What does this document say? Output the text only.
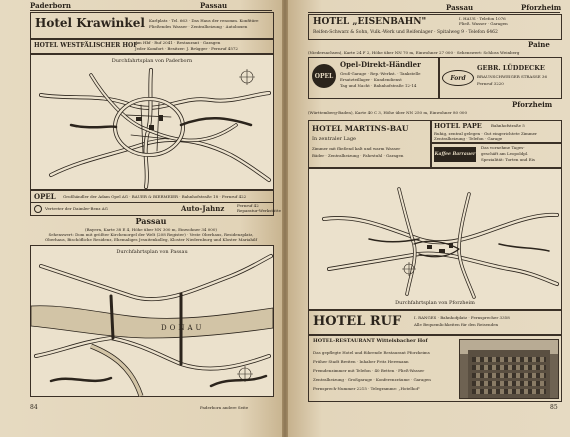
Paderborn	Passau
Hotel Krawinkel Karlplatz · Tel. 663 · Das Haus der renomm. Konfitüre
Fließendes Wasser · Zentralheizung · Autoboxen
HOTEL WESTFÄLISCHER HOF
Am Hbf · Ruf 2041 · Restaurant · Garagen
Jeder Komfort · Besitzer: J. Brügger · Fernruf 4572
Durchfahrtsplan von Paderborn
OPEL Großhändler der Adam Opel AG · BAUER & BIERMEIER · Bahnhofstraße 18 · Fernruf 422
Vertreter der Daimler-Benz AG	Auto-Jahnz	Fernruf 42
Reparatur-Werkstätte
Passau
(Bayern, Karte 38 E 4, Höhe über NN 300 m, Einwohner 34 000)
Sehenswert: Dom mit größter Kirchenorgel der Welt (208 Register) · Veste Oberhaus, Residenzplatz,
Oberhaus, Bischöfliche Residenz, Ehemaliges Jesuitenkolleg, Kloster Niedernburg und Kloster Mariahilf
Durchfahrtsplan von Passau
DONAU
84	Paderborn andere Seite
Passau	Pforzheim
HOTEL „EISENBAHN"	I. HAUS · Telefon 1076
Fließ. Wasser · Garagen
Reifen-Schwarz & Sohn, Vulk.-Werk und Reifenlager · Spitalweg 9 · Telefon 6462
Paine
(Niedersachsen), Karte 24 F 2, Höhe über NN 70 m, Einwohner 27 000 · Sehenswert: Schloss Weinberg
OPEL
Opel-Direkt-Händler
Groß-Garage · Rep.-Werkst. · Tankstelle
Ersatzteillager · Kundendienst
Tag und Nacht · Bahnhofstraße 12-14
Ford
GEBR. LÜDDECKE
BRAUNSCHWEIGER STRASSE 36
Fernruf 3220
Pforzheim
(Württemberg-Baden), Karte 40 C 3, Höhe über NN 250 m, Einwohner 80 000
HOTEL MARTINS-BAU
In zentraler Lage
Zimmer mit fließend kalt und warm Wasser
Bäder · Zentralheizung · Fahrstuhl · Garagen
HOTEL PAPE Bahnhofstraße 5
Ruhig, zentral gelegen · Gut eingerichtete Zimmer
Zentralheizung · Telefon · Garage
Kaffee Barrauer
Das vornehme Tages-
geschäft am Leopoldpl.
Spezialität: Torten und Eis
Durchfahrtsplan von Pforzheim
HOTEL RUF	I. RANGES · Bahnhofplatz · Fernsprecher 3358
Alle Bequemlichkeiten für den Reisenden
HOTEL-RESTAURANT Wittelsbacher Hof
Das gepflegte Hotel und führende Restaurant Pforzheims
Früher Stadt Breiten · Inhaber Fritz Herrmann
Fremdenzimmer mit Telefon · 40 Betten · Fließ-Wasser
Zentralheizung · Großgarage · Konferenzräume · Garagen
Fernsprech-Nummer 2215 · Telegramme: „Hotelhof"
85
